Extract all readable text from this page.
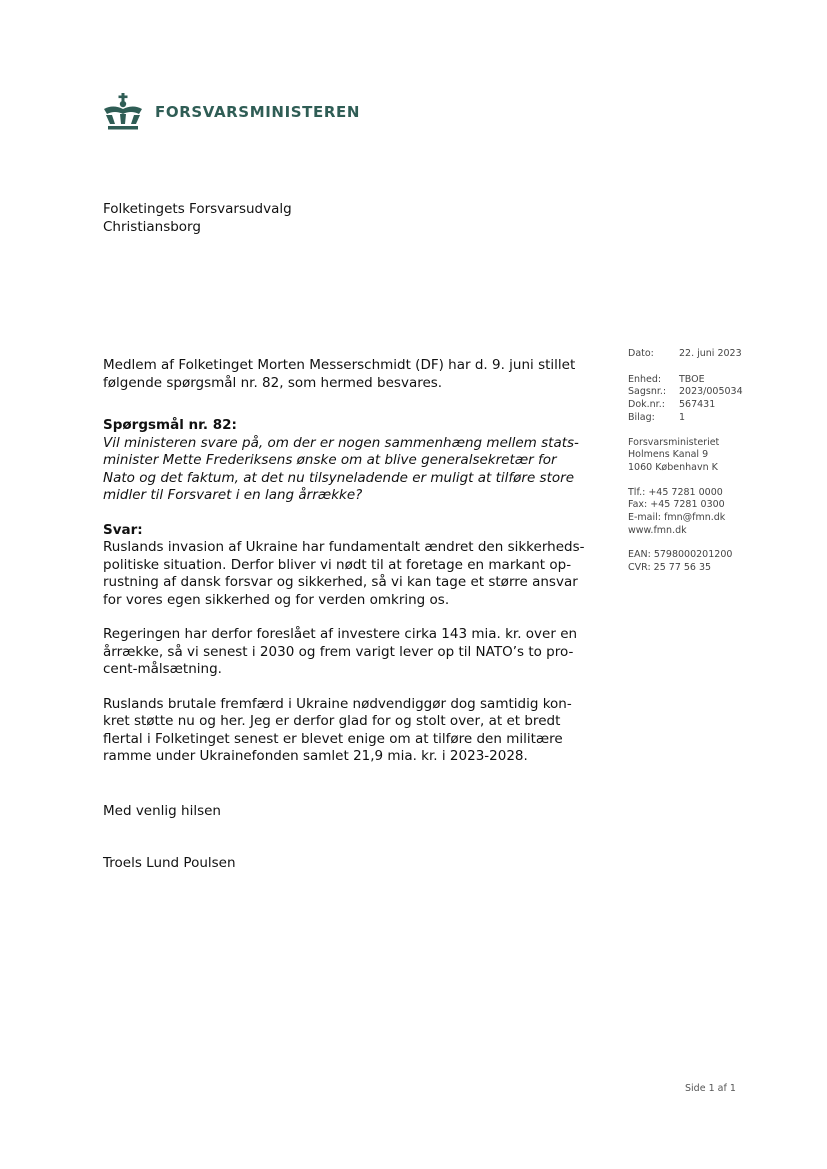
FORSVARSMINISTEREN
Folketingets Forsvarsudvalg
Christiansborg
Dato:	22. juni 2023
Enhed:	TBOE
Sagsnr.:	2023/005034
Dok.nr.:	567431
Bilag:	1
Forsvarsministeriet
Holmens Kanal 9
1060 København K
Tlf.: +45 7281 0000
Fax: +45 7281 0300
E-mail: fmn@fmn.dk
www.fmn.dk
EAN: 5798000201200
CVR: 25 77 56 35

Medlem af Folketinget Morten Messerschmidt (DF) har d. 9. juni stillet
følgende spørgsmål nr. 82, som hermed besvares.

Spørgsmål nr. 82:

Vil ministeren svare på, om der er nogen sammenhæng mellem stats-
minister Mette Frederiksens ønske om at blive generalsekretær for
Nato og det faktum, at det nu tilsyneladende er muligt at tilføre store
midler til Forsvaret i en lang årrække?

Svar:

Ruslands invasion af Ukraine har fundamentalt ændret den sikkerheds-
politiske situation. Derfor bliver vi nødt til at foretage en markant op-
rustning af dansk forsvar og sikkerhed, så vi kan tage et større ansvar
for vores egen sikkerhed og for verden omkring os.

Regeringen har derfor foreslået af investere cirka 143 mia. kr. over en
årrække, så vi senest i 2030 og frem varigt lever op til NATO’s to pro-
cent-målsætning.

Ruslands brutale fremfærd i Ukraine nødvendiggør dog samtidig kon-
kret støtte nu og her. Jeg er derfor glad for og stolt over, at et bredt
flertal i Folketinget senest er blevet enige om at tilføre den militære
ramme under Ukrainefonden samlet 21,9 mia. kr. i 2023-2028.

Med venlig hilsen
Troels Lund Poulsen
Side 1 af 1
